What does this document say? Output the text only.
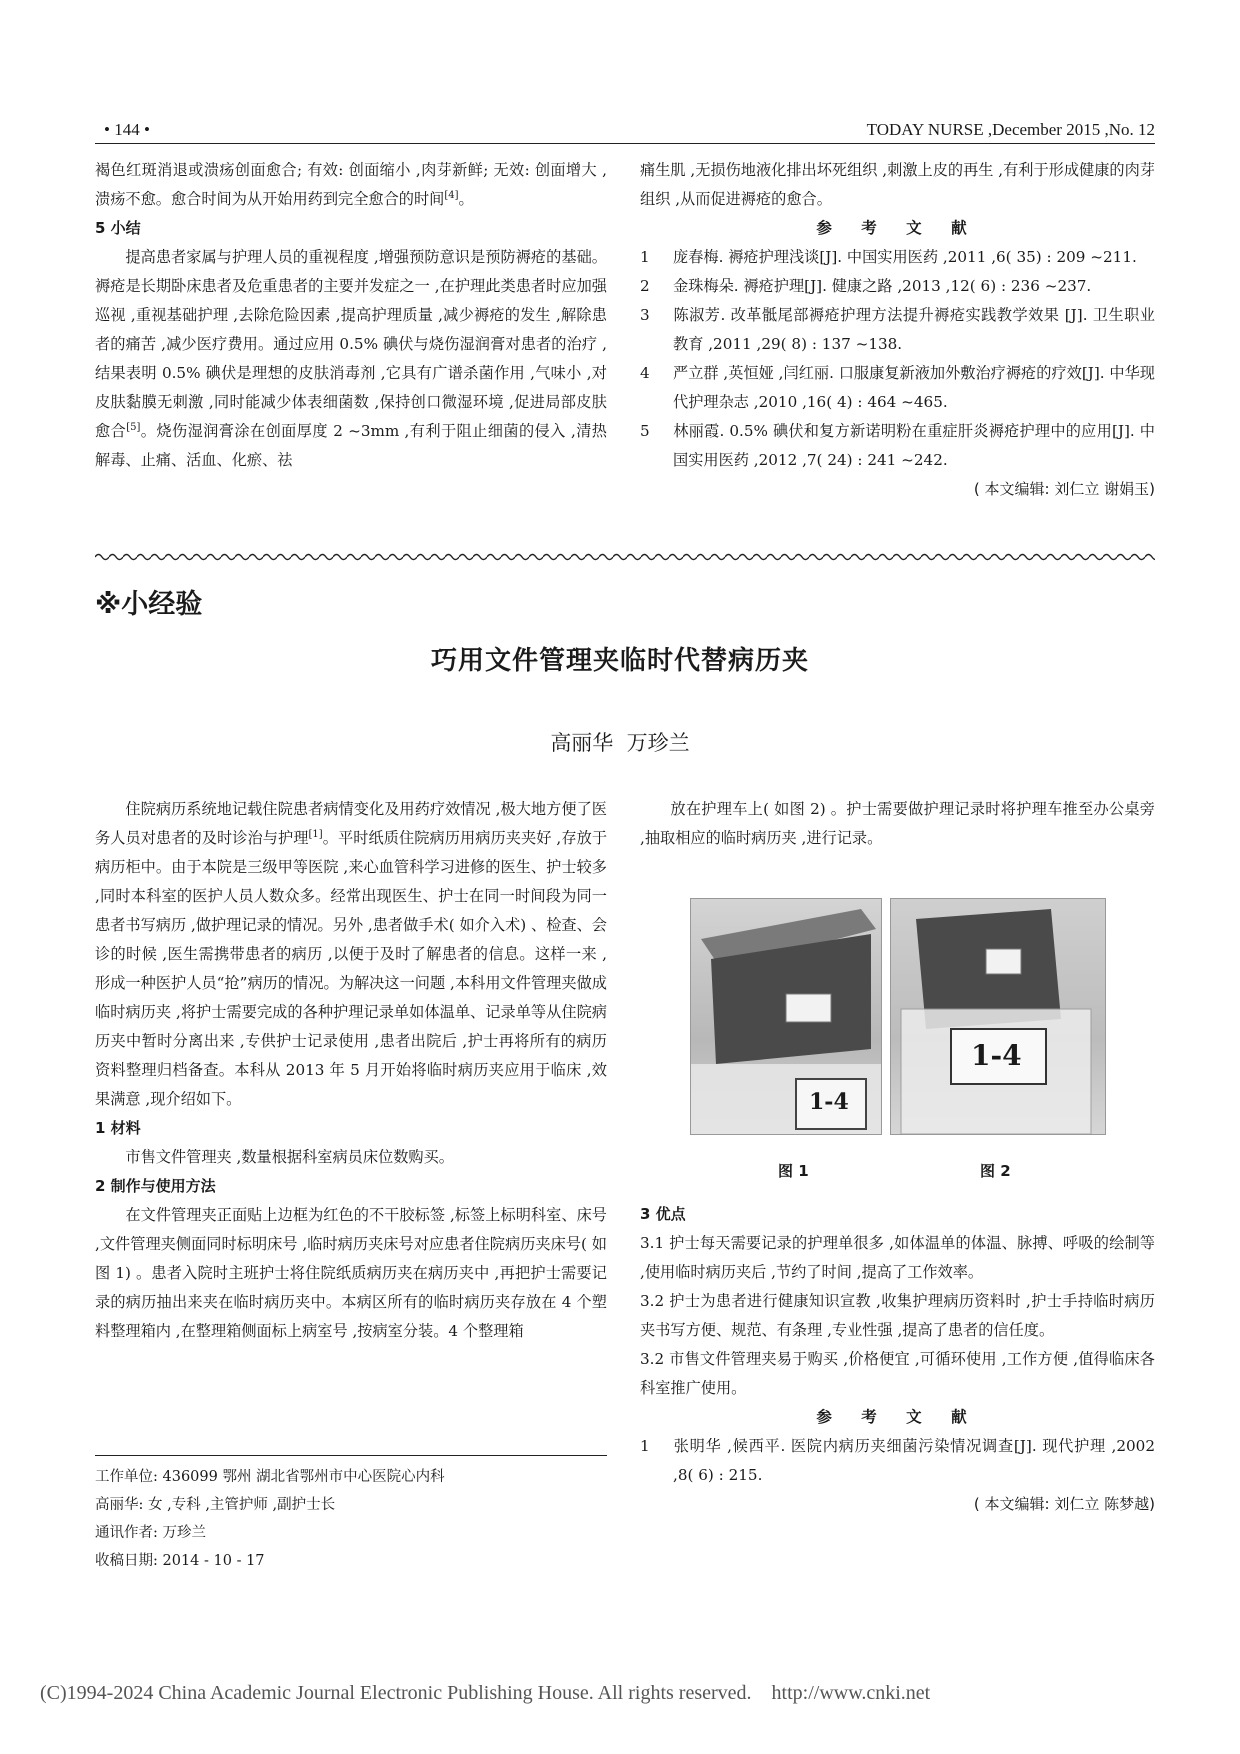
• 144 •	TODAY NURSE ,December 2015 ,No. 12

褐色红斑消退或溃疡创面愈合; 有效: 创面缩小 ,肉芽新鲜; 无效: 创面增大 ,溃疡不愈。愈合时间为从开始用药到完全愈合的时间[4]。

5 小结

提高患者家属与护理人员的重视程度 ,增强预防意识是预防褥疮的基础。褥疮是长期卧床患者及危重患者的主要并发症之一 ,在护理此类患者时应加强巡视 ,重视基础护理 ,去除危险因素 ,提高护理质量 ,减少褥疮的发生 ,解除患者的痛苦 ,减少医疗费用。通过应用 0.5% 碘伏与烧伤湿润膏对患者的治疗 ,结果表明 0.5% 碘伏是理想的皮肤消毒剂 ,它具有广谱杀菌作用 ,气味小 ,对皮肤黏膜无刺激 ,同时能减少体表细菌数 ,保持创口微湿环境 ,促进局部皮肤愈合[5]。烧伤湿润膏涂在创面厚度 2 ~3mm ,有利于阻止细菌的侵入 ,清热解毒、止痛、活血、化瘀、祛

痛生肌 ,无损伤地液化排出坏死组织 ,刺激上皮的再生 ,有利于形成健康的肉芽组织 ,从而促进褥疮的愈合。

参 考 文 献

1 庞春梅. 褥疮护理浅谈[J]. 中国实用医药 ,2011 ,6( 35) : 209 ~211.
2 金珠梅朵. 褥疮护理[J]. 健康之路 ,2013 ,12( 6) : 236 ~237.
3 陈淑芳. 改革骶尾部褥疮护理方法提升褥疮实践教学效果 [J]. 卫生职业教育 ,2011 ,29( 8) : 137 ~138.
4 严立群 ,英恒娅 ,闫红丽. 口服康复新液加外敷治疗褥疮的疗效[J]. 中华现代护理杂志 ,2010 ,16( 4) : 464 ~465.
5 林丽霞. 0.5% 碘伏和复方新诺明粉在重症肝炎褥疮护理中的应用[J]. 中国实用医药 ,2012 ,7( 24) : 241 ~242.

( 本文编辑: 刘仁立 谢娟玉)

※小经验
巧用文件管理夹临时代替病历夹
高丽华  万珍兰

住院病历系统地记载住院患者病情变化及用药疗效情况 ,极大地方便了医务人员对患者的及时诊治与护理[1]。平时纸质住院病历用病历夹夹好 ,存放于病历柜中。由于本院是三级甲等医院 ,来心血管科学习进修的医生、护士较多 ,同时本科室的医护人员人数众多。经常出现医生、护士在同一时间段为同一患者书写病历 ,做护理记录的情况。另外 ,患者做手术( 如介入术) 、检查、会诊的时候 ,医生需携带患者的病历 ,以便于及时了解患者的信息。这样一来 ,形成一种医护人员“抢”病历的情况。为解决这一问题 ,本科用文件管理夹做成临时病历夹 ,将护士需要完成的各种护理记录单如体温单、记录单等从住院病历夹中暂时分离出来 ,专供护士记录使用 ,患者出院后 ,护士再将所有的病历资料整理归档备查。本科从 2013 年 5 月开始将临时病历夹应用于临床 ,效果满意 ,现介绍如下。

1 材料

市售文件管理夹 ,数量根据科室病员床位数购买。

2 制作与使用方法

在文件管理夹正面贴上边框为红色的不干胶标签 ,标签上标明科室、床号 ,文件管理夹侧面同时标明床号 ,临时病历夹床号对应患者住院病历夹床号( 如图 1) 。患者入院时主班护士将住院纸质病历夹在病历夹中 ,再把护士需要记录的病历抽出来夹在临时病历夹中。本病区所有的临时病历夹存放在 4 个塑料整理箱内 ,在整理箱侧面标上病室号 ,按病室分装。4 个整理箱

工作单位: 436099 鄂州 湖北省鄂州市中心医院心内科

高丽华: 女 ,专科 ,主管护师 ,副护士长

通讯作者: 万珍兰

收稿日期: 2014 - 10 - 17

放在护理车上( 如图 2) 。护士需要做护理记录时将护理车推至办公桌旁 ,抽取相应的临时病历夹 ,进行记录。

1-4
1-4
图 1	图 2

3 优点

3.1 护士每天需要记录的护理单很多 ,如体温单的体温、脉搏、呼吸的绘制等 ,使用临时病历夹后 ,节约了时间 ,提高了工作效率。

3.2 护士为患者进行健康知识宣教 ,收集护理病历资料时 ,护士手持临时病历夹书写方便、规范、有条理 ,专业性强 ,提高了患者的信任度。

3.2 市售文件管理夹易于购买 ,价格便宜 ,可循环使用 ,工作方便 ,值得临床各科室推广使用。

参 考 文 献

1 张明华 ,候西平. 医院内病历夹细菌污染情况调查[J]. 现代护理 ,2002 ,8( 6) : 215.

( 本文编辑: 刘仁立 陈梦越)

(C)1994-2024 China Academic Journal Electronic Publishing House. All rights reserved.    http://www.cnki.net
